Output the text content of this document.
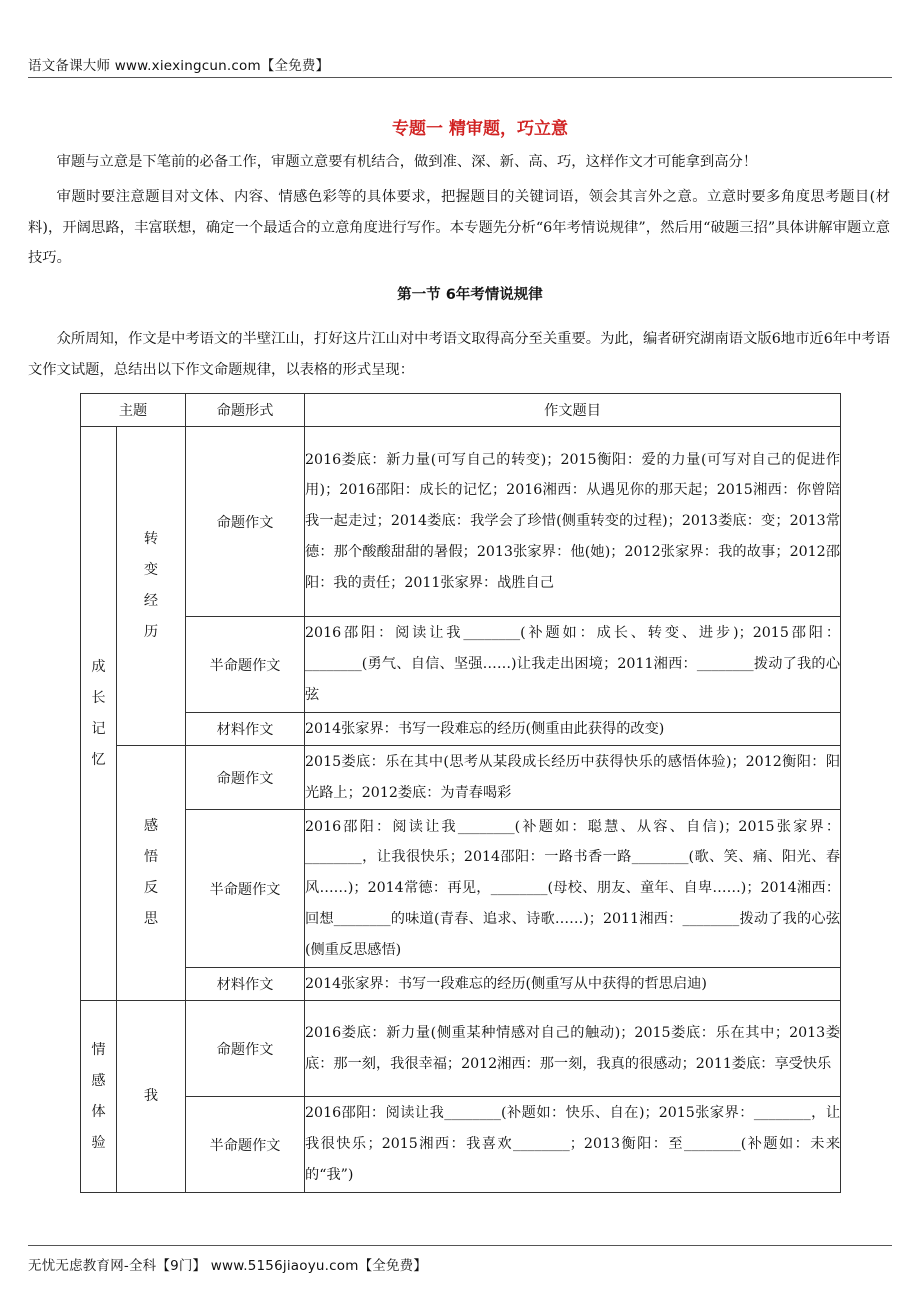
语文备课大师 www.xiexingcun.com【全免费】
专题一 精审题，巧立意

审题与立意是下笔前的必备工作，审题立意要有机结合，做到准、深、新、高、巧，这样作文才可能拿到高分！

审题时要注意题目对文体、内容、情感色彩等的具体要求，把握题目的关键词语，领会其言外之意。立意时要多角度思考题目(材料)，开阔思路，丰富联想，确定一个最适合的立意角度进行写作。本专题先分析“6年考情说规律”，然后用“破题三招”具体讲解审题立意技巧。

第一节 6年考情说规律

众所周知，作文是中考语文的半壁江山，打好这片江山对中考语文取得高分至关重要。为此，编者研究湖南语文版6地市近6年中考语文作文试题，总结出以下作文命题规律，以表格的形式呈现：

主题		命题形式	作文题目
成长记忆	转变经历	命题作文	2016娄底：新力量(可写自己的转变)；2015衡阳：爱的力量(可写对自己的促进作用)；2016邵阳：成长的记忆；2016湘西：从遇见你的那天起；2015湘西：你曾陪我一起走过；2014娄底：我学会了珍惜(侧重转变的过程)；2013娄底：变；2013常德：那个酸酸甜甜的暑假；2013张家界：他(她)；2012张家界：我的故事；2012邵阳：我的责任；2011张家界：战胜自己
		半命题作文	2016邵阳：阅读让我________(补题如：成长、转变、进步)；2015邵阳：________(勇气、自信、坚强……)让我走出困境；2011湘西：________拨动了我的心弦
		材料作文	2014张家界：书写一段难忘的经历(侧重由此获得的改变)
	感悟反思	命题作文	2015娄底：乐在其中(思考从某段成长经历中获得快乐的感悟体验)；2012衡阳：阳光路上；2012娄底：为青春喝彩
		半命题作文	2016邵阳：阅读让我________(补题如：聪慧、从容、自信)；2015张家界：________，让我很快乐；2014邵阳：一路书香一路________(歌、笑、痛、阳光、春风……)；2014常德：再见，________(母校、朋友、童年、自卑……)；2014湘西：回想________的味道(青春、追求、诗歌……)；2011湘西：________拨动了我的心弦(侧重反思感悟)
		材料作文	2014张家界：书写一段难忘的经历(侧重写从中获得的哲思启迪)
情感体验	我	命题作文	2016娄底：新力量(侧重某种情感对自己的触动)；2015娄底：乐在其中；2013娄底：那一刻，我很幸福；2012湘西：那一刻，我真的很感动；2011娄底：享受快乐
		半命题作文	2016邵阳：阅读让我________(补题如：快乐、自在)；2015张家界：________，让我很快乐；2015湘西：我喜欢________；2013衡阳：至________(补题如：未来的“我”)
无忧无虑教育网-全科【9门】 www.5156jiaoyu.com【全免费】
